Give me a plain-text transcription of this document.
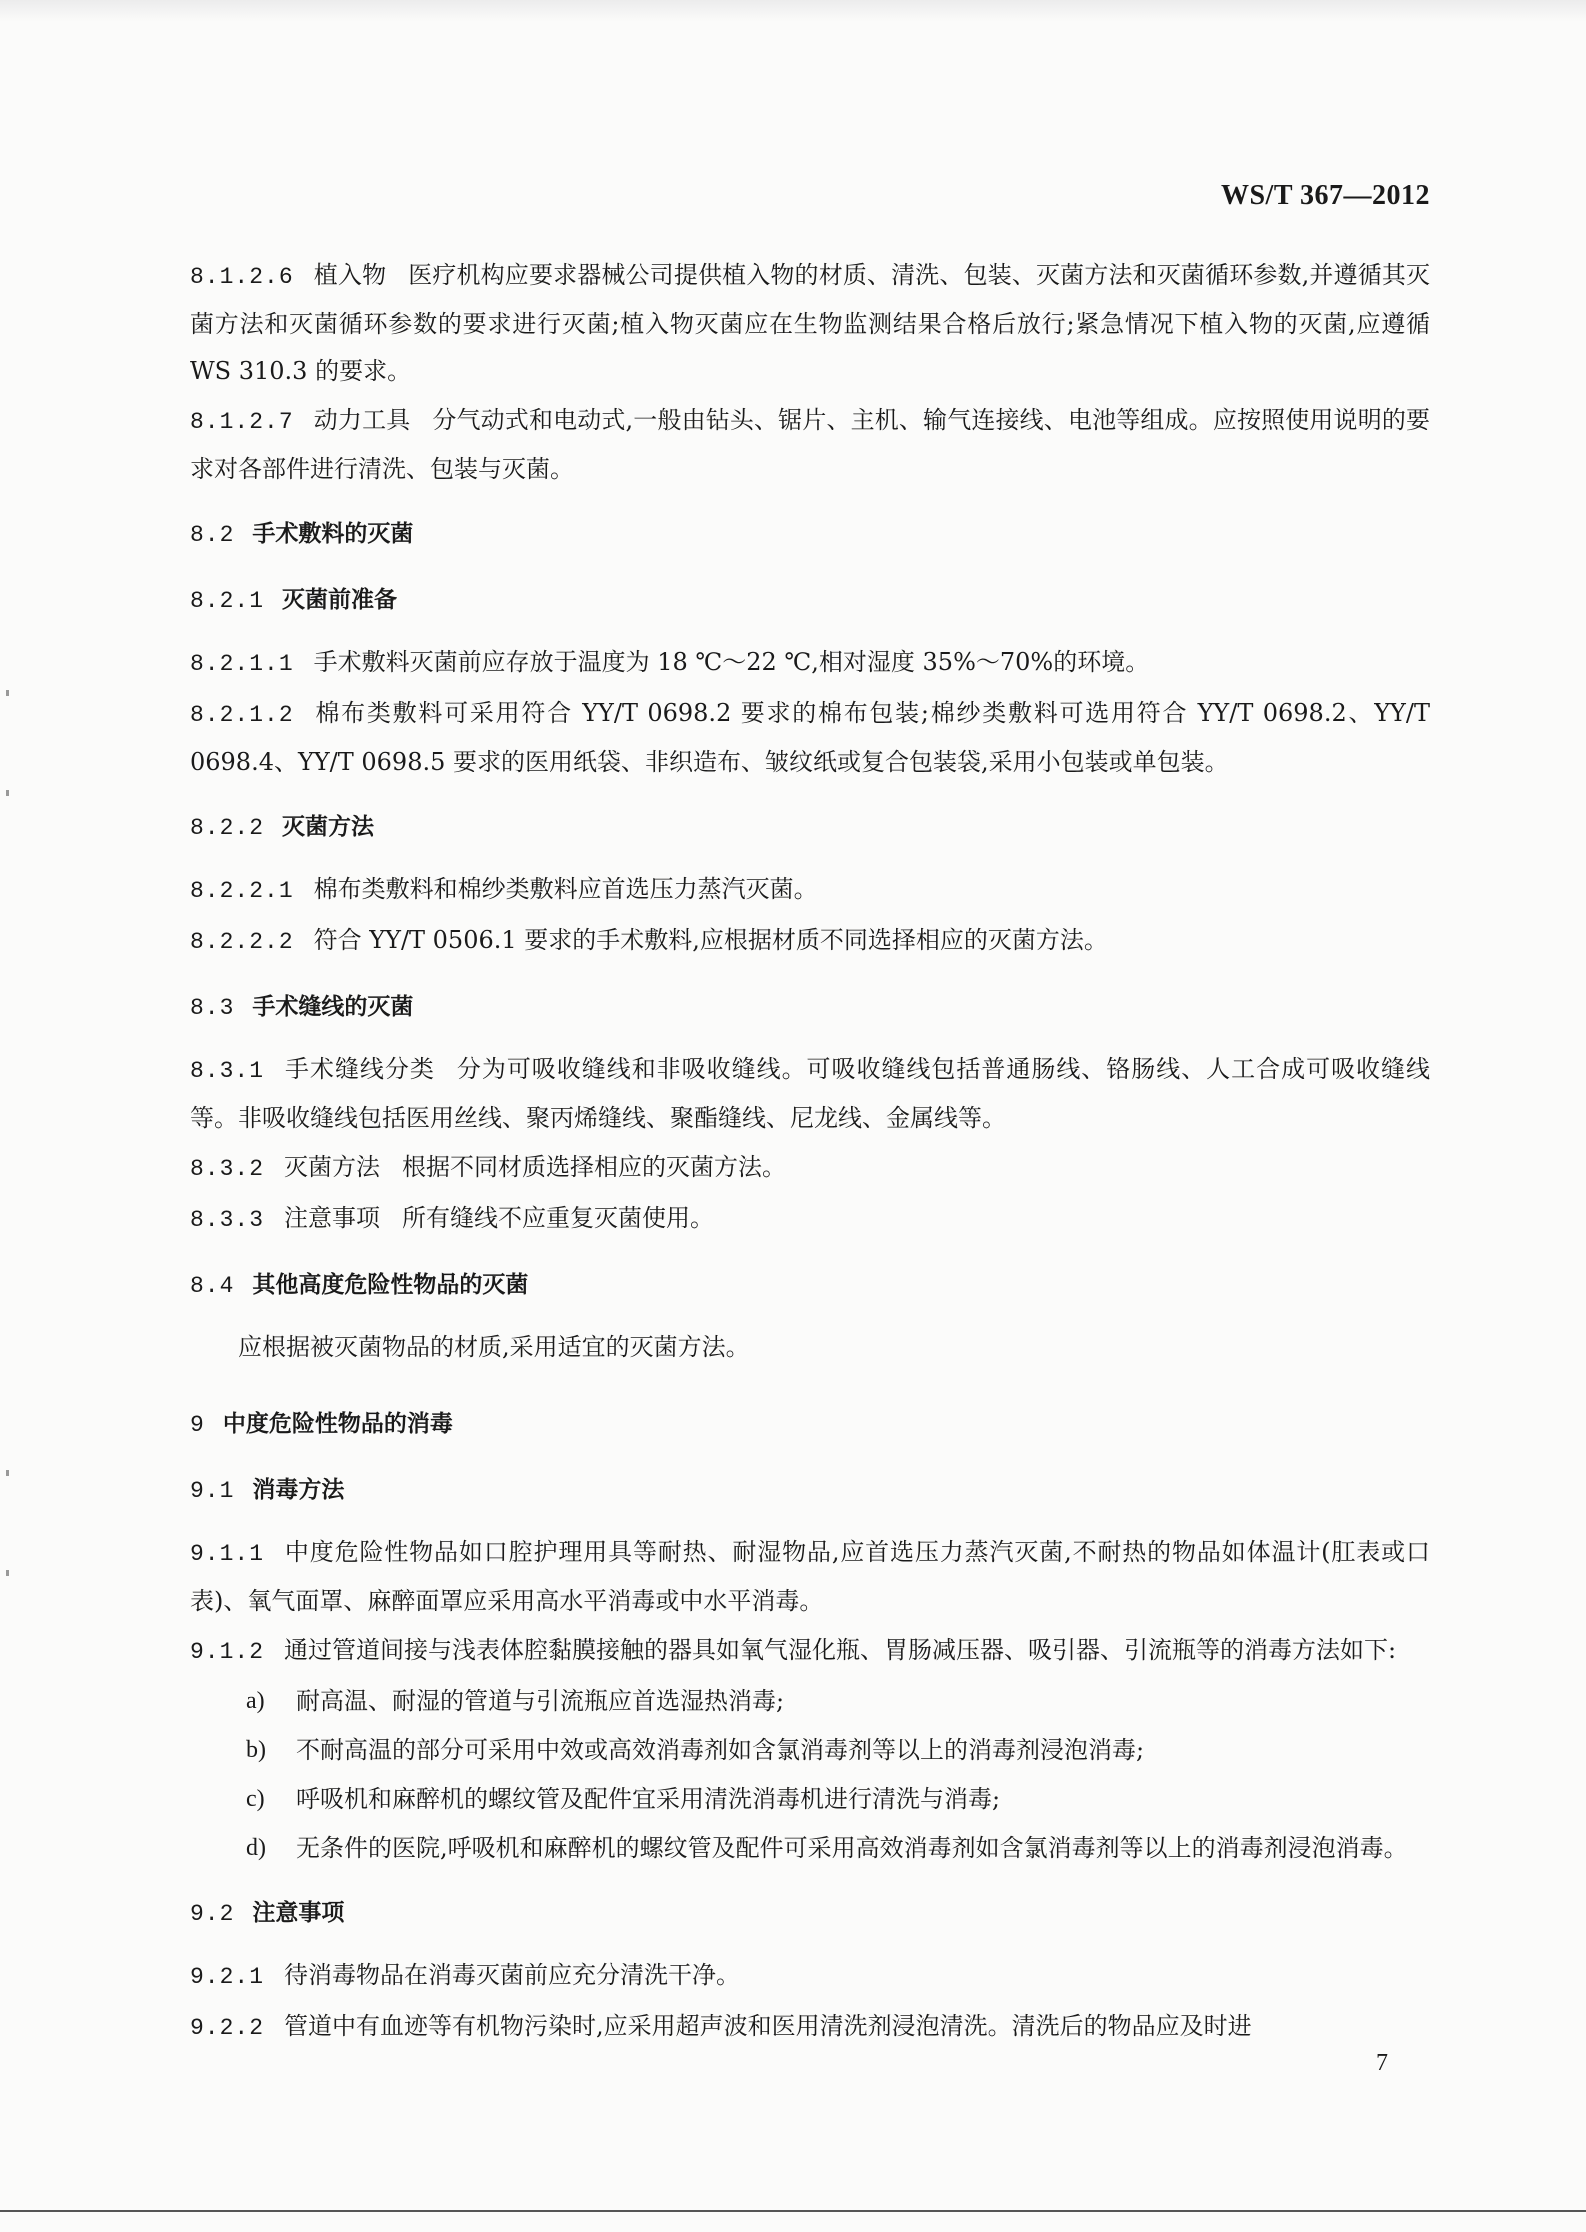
WS/T 367—2012

8.1.2.6 植入物 医疗机构应要求器械公司提供植入物的材质、清洗、包装、灭菌方法和灭菌循环参数,并遵循其灭菌方法和灭菌循环参数的要求进行灭菌;植入物灭菌应在生物监测结果合格后放行;紧急情况下植入物的灭菌,应遵循 WS 310.3 的要求。

8.1.2.7 动力工具 分气动式和电动式,一般由钻头、锯片、主机、输气连接线、电池等组成。应按照使用说明的要求对各部件进行清洗、包装与灭菌。

8.2 手术敷料的灭菌
8.2.1 灭菌前准备

8.2.1.1 手术敷料灭菌前应存放于温度为 18 ℃～22 ℃,相对湿度 35%～70%的环境。

8.2.1.2 棉布类敷料可采用符合 YY/T 0698.2 要求的棉布包装;棉纱类敷料可选用符合 YY/T 0698.2、YY/T 0698.4、YY/T 0698.5 要求的医用纸袋、非织造布、皱纹纸或复合包装袋,采用小包装或单包装。

8.2.2 灭菌方法

8.2.2.1 棉布类敷料和棉纱类敷料应首选压力蒸汽灭菌。

8.2.2.2 符合 YY/T 0506.1 要求的手术敷料,应根据材质不同选择相应的灭菌方法。

8.3 手术缝线的灭菌

8.3.1 手术缝线分类 分为可吸收缝线和非吸收缝线。可吸收缝线包括普通肠线、铬肠线、人工合成可吸收缝线等。非吸收缝线包括医用丝线、聚丙烯缝线、聚酯缝线、尼龙线、金属线等。

8.3.2 灭菌方法 根据不同材质选择相应的灭菌方法。

8.3.3 注意事项 所有缝线不应重复灭菌使用。

8.4 其他高度危险性物品的灭菌

应根据被灭菌物品的材质,采用适宜的灭菌方法。

9 中度危险性物品的消毒
9.1 消毒方法

9.1.1 中度危险性物品如口腔护理用具等耐热、耐湿物品,应首选压力蒸汽灭菌,不耐热的物品如体温计(肛表或口表)、氧气面罩、麻醉面罩应采用高水平消毒或中水平消毒。

9.1.2 通过管道间接与浅表体腔黏膜接触的器具如氧气湿化瓶、胃肠减压器、吸引器、引流瓶等的消毒方法如下:

a) 耐高温、耐湿的管道与引流瓶应首选湿热消毒;
b) 不耐高温的部分可采用中效或高效消毒剂如含氯消毒剂等以上的消毒剂浸泡消毒;
c) 呼吸机和麻醉机的螺纹管及配件宜采用清洗消毒机进行清洗与消毒;
d) 无条件的医院,呼吸机和麻醉机的螺纹管及配件可采用高效消毒剂如含氯消毒剂等以上的消毒剂浸泡消毒。
9.2 注意事项

9.2.1 待消毒物品在消毒灭菌前应充分清洗干净。

9.2.2 管道中有血迹等有机物污染时,应采用超声波和医用清洗剂浸泡清洗。清洗后的物品应及时进

7
